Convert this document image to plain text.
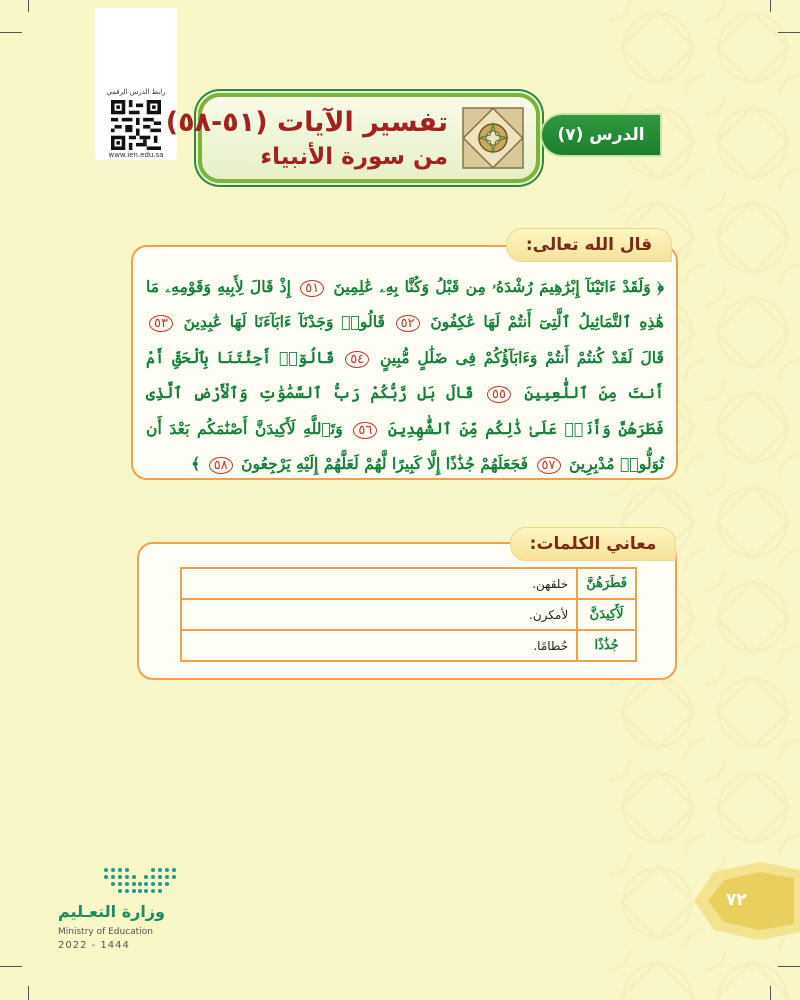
رابط الدرس الرقمي
www.ien.edu.sa
تفسير الآيات (٥١-٥٨)
من سورة الأنبياء
الدرس (٧)
قال الله تعالى:
﴿ وَلَقَدْ ءَاتَيْنَآ إِبْرَٰهِيمَ رُشْدَهُۥ مِن قَبْلُ وَكُنَّا بِهِۦ عَٰلِمِينَ ٥١ إِذْ قَالَ لِأَبِيهِ وَقَوْمِهِۦ مَا هَٰذِهِ ٱلتَّمَاثِيلُ ٱلَّتِىٓ أَنتُمْ لَهَا عَٰكِفُونَ ٥٢ قَالُوا۟ وَجَدْنَآ ءَابَآءَنَا لَهَا عَٰبِدِينَ ٥٣ قَالَ لَقَدْ كُنتُمْ أَنتُمْ وَءَابَآؤُكُمْ فِى ضَلَٰلٍ مُّبِينٍ ٥٤ قَالُوٓا۟ أَجِئْتَنَا بِٱلْحَقِّ أَمْ أَنتَ مِنَ ٱللَّٰعِبِينَ ٥٥ قَالَ بَل رَّبُّكُمْ رَبُّ ٱلسَّمَٰوَٰتِ وَٱلْأَرْضِ ٱلَّذِى فَطَرَهُنَّ وَأَنَا۠ عَلَىٰ ذَٰلِكُم مِّنَ ٱلشَّٰهِدِينَ ٥٦ وَتَٱللَّهِ لَأَكِيدَنَّ أَصْنَٰمَكُم بَعْدَ أَن تُوَلُّوا۟ مُدْبِرِينَ ٥٧ فَجَعَلَهُمْ جُذَٰذًا إِلَّا كَبِيرًا لَّهُمْ لَعَلَّهُمْ إِلَيْهِ يَرْجِعُونَ ٥٨ ﴾
معاني الكلمات:
فَطَرَهُنَّ	خلقهن.
لَأَكِيدَنَّ	لأمكرن.
جُذَٰذًا	حُطامًا.
وزارة التعـليم
Ministry of Education
2022 - 1444
٧٢
